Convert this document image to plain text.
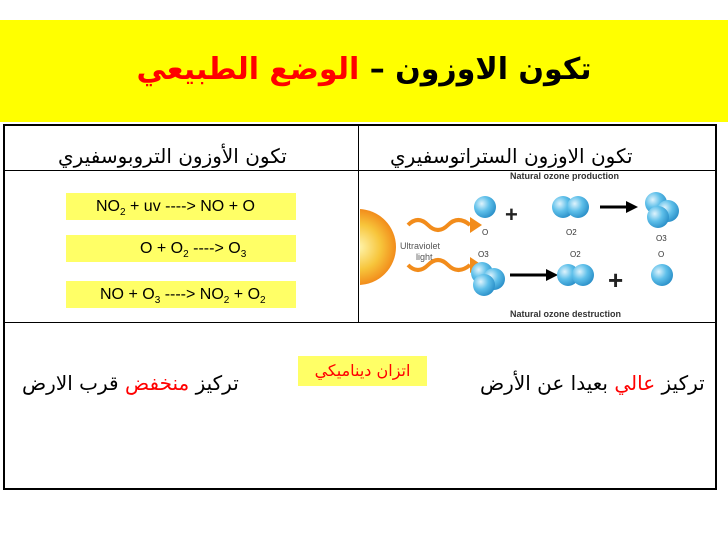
تكون الاوزون – الوضع الطبيعي
تكون الاوزون الستراتوسفيري
تكون الأوزون التروبوسفيري
$NO_2$ + uv ----> NO + O
$O + O_2$ ----> $O_3$
NO + $O_3$ ----> $NO_2 + O_2$
Ultraviolet
light
Natural ozone production
Natural ozone destruction
+
O	O2
O3
+
O3	O2	O
تركيز عالي بعيدا عن الأرض
تركيز منخفض قرب الارض
اتزان ديناميكي
